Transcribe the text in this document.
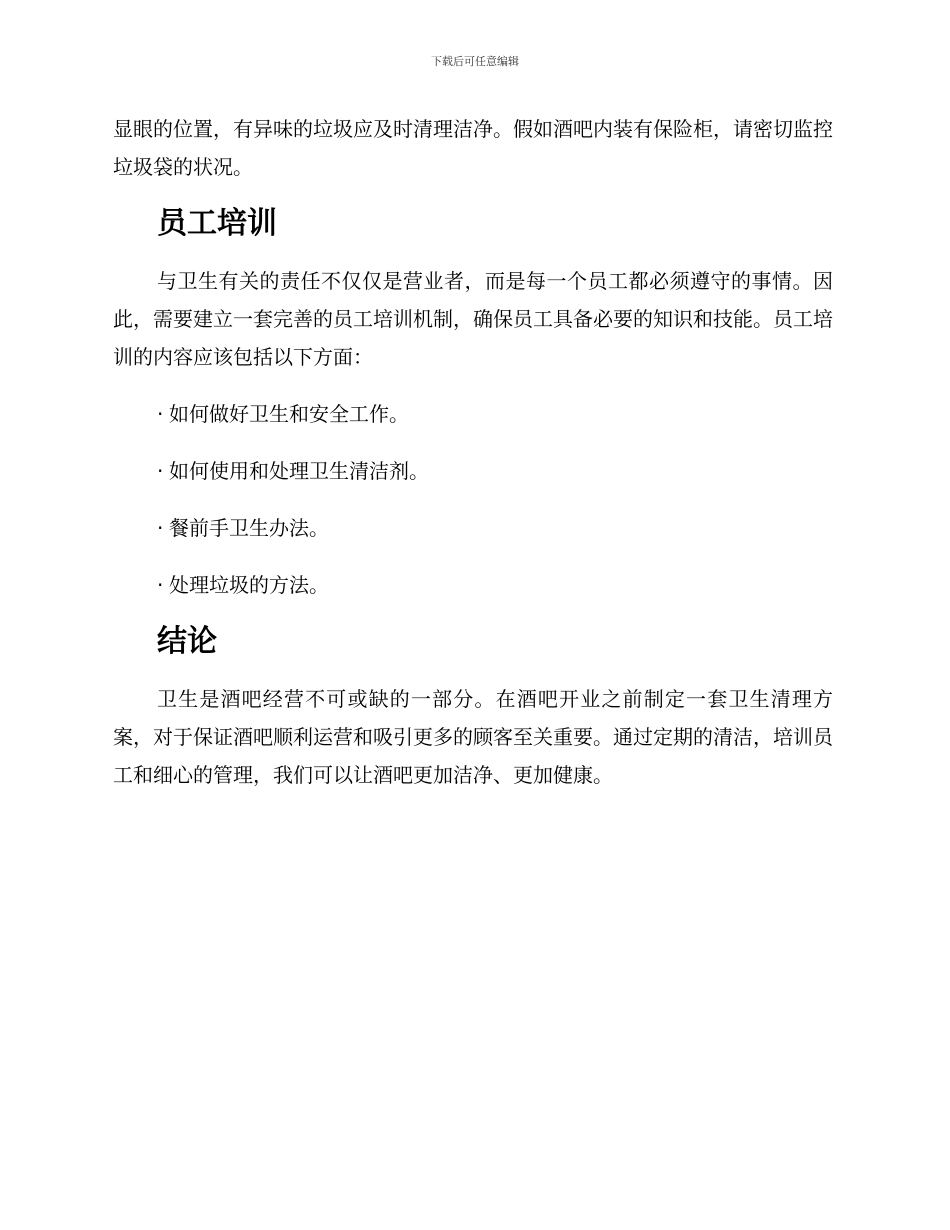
下载后可任意编辑

显眼的位置，有异味的垃圾应及时清理洁净。假如酒吧内装有保险柜，请密切监控垃圾袋的状况。

员工培训

与卫生有关的责任不仅仅是营业者，而是每一个员工都必须遵守的事情。因此，需要建立一套完善的员工培训机制，确保员工具备必要的知识和技能。员工培训的内容应该包括以下方面：

· 如何做好卫生和安全工作。

· 如何使用和处理卫生清洁剂。

· 餐前手卫生办法。

· 处理垃圾的方法。

结论

卫生是酒吧经营不可或缺的一部分。在酒吧开业之前制定一套卫生清理方案，对于保证酒吧顺利运营和吸引更多的顾客至关重要。通过定期的清洁，培训员工和细心的管理，我们可以让酒吧更加洁净、更加健康。
